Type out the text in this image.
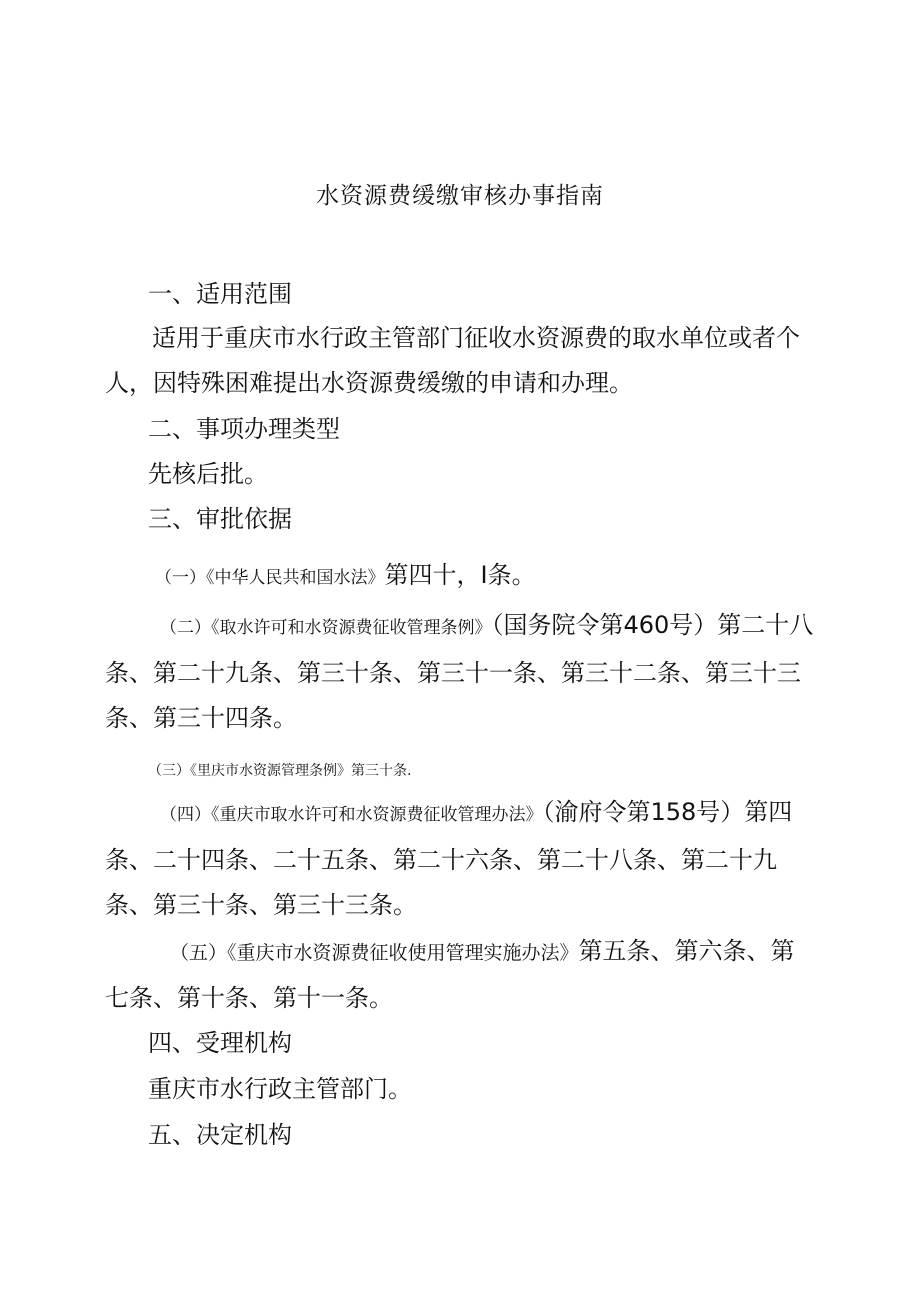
水资源费缓缴审核办事指南
一、适用范围

适用于重庆市水行政主管部门征收水资源费的取水单位或者个人，因特殊困难提出水资源费缓缴的申请和办理。

二、事项办理类型
先核后批。
三、审批依据

（一）《中华人民共和国水法》第四十，I条。

（二）《取水许可和水资源费征收管理条例》（国务院令第460号）第二十八条、第二十九条、第三十条、第三十一条、第三十二条、第三十三条、第三十四条。

（三）《里庆市水资源管理条例》第三十条.

（四）《重庆市取水许可和水资源费征收管理办法》（渝府令第158号）第四条、二十四条、二十五条、第二十六条、第二十八条、第二十九条、第三十条、第三十三条。

（五）《重庆市水资源费征收使用管理实施办法》第五条、第六条、第七条、第十条、第十一条。

四、受理机构
重庆市水行政主管部门。
五、决定机构
